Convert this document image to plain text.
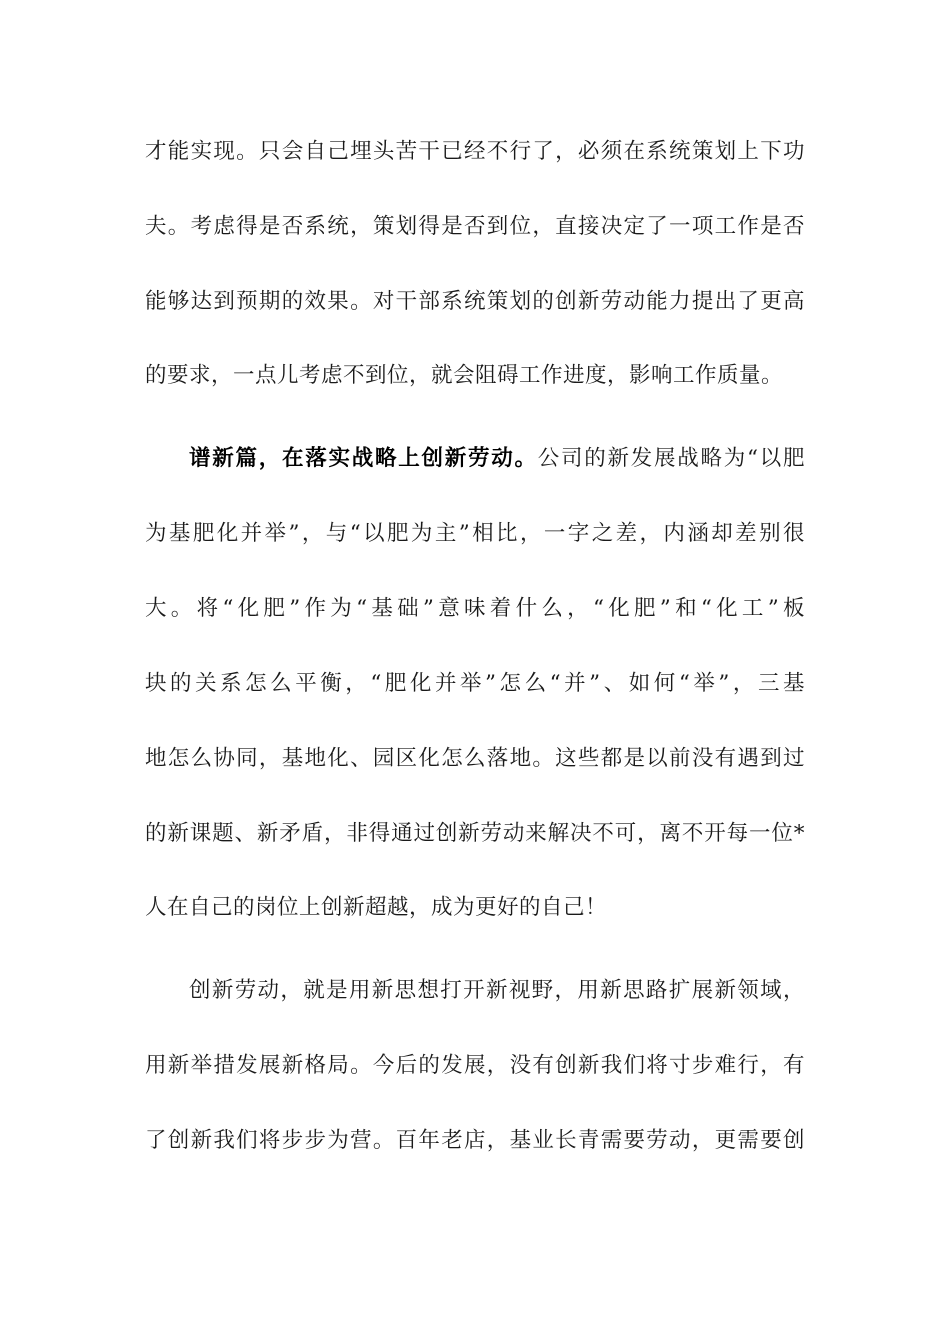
才能实现。只会自己埋头苦干已经不行了，必须在系统策划上下功
夫。考虑得是否系统，策划得是否到位，直接决定了一项工作是否
能够达到预期的效果。对干部系统策划的创新劳动能力提出了更高
的要求，一点儿考虑不到位，就会阻碍工作进度，影响工作质量。
谱新篇，在落实战略上创新劳动。公司的新发展战略为“以肥
为基肥化并举”，与“以肥为主”相比，一字之差，内涵却差别很
大。将“化肥”作为“基础”意味着什么，“化肥”和“化工”板
块的关系怎么平衡，“肥化并举”怎么“并”、如何“举”，三基
地怎么协同，基地化、园区化怎么落地。这些都是以前没有遇到过
的新课题、新矛盾，非得通过创新劳动来解决不可，离不开每一位*
人在自己的岗位上创新超越，成为更好的自己！
创新劳动，就是用新思想打开新视野，用新思路扩展新领域，
用新举措发展新格局。今后的发展，没有创新我们将寸步难行，有
了创新我们将步步为营。百年老店，基业长青需要劳动，更需要创
